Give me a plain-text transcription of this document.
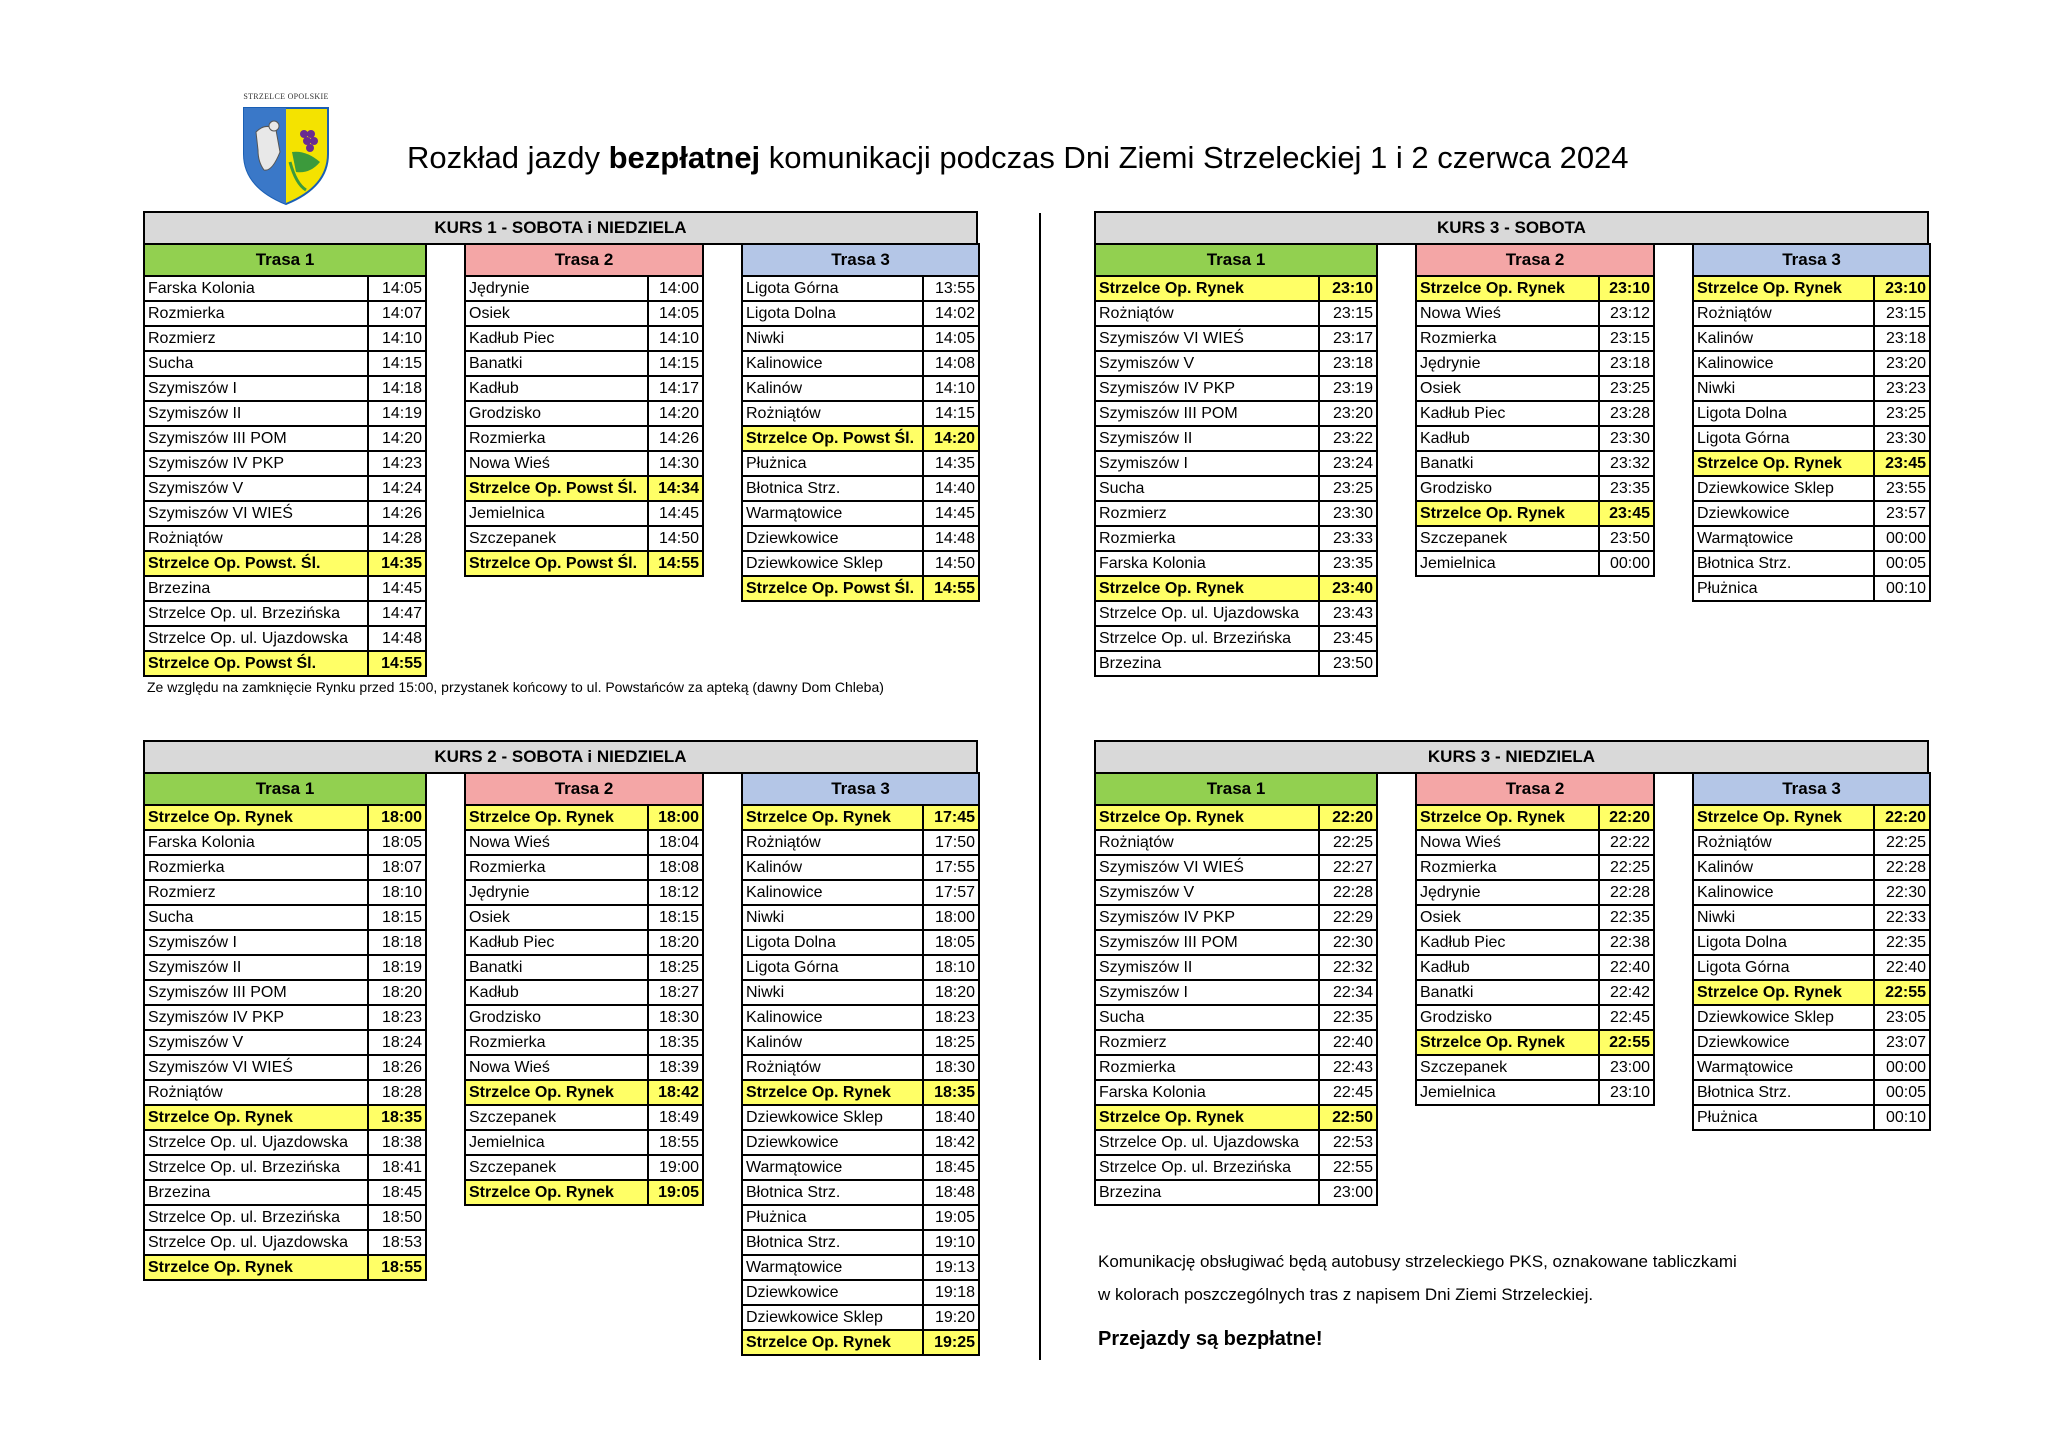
STRZELCE OPOLSKIE
Rozkład jazdy bezpłatnej komunikacji podczas Dni Ziemi Strzeleckiej 1 i 2 czerwca 2024
KURS 1 - SOBOTA i NIEDZIELA
Trasa 1	
Farska Kolonia	14:05
Rozmierka	14:07
Rozmierz	14:10
Sucha	14:15
Szymiszów I	14:18
Szymiszów II	14:19
Szymiszów III POM	14:20
Szymiszów IV PKP	14:23
Szymiszów V	14:24
Szymiszów VI WIEŚ	14:26
Rożniątów	14:28
Strzelce Op. Powst. Śl.	14:35
Brzezina	14:45
Strzelce Op. ul. Brzezińska	14:47
Strzelce Op. ul. Ujazdowska	14:48
Strzelce Op. Powst Śl.	14:55
Trasa 2	
Jędrynie	14:00
Osiek	14:05
Kadłub Piec	14:10
Banatki	14:15
Kadłub	14:17
Grodzisko	14:20
Rozmierka	14:26
Nowa Wieś	14:30
Strzelce Op. Powst Śl.	14:34
Jemielnica	14:45
Szczepanek	14:50
Strzelce Op. Powst Śl.	14:55
Trasa 3	
Ligota Górna	13:55
Ligota Dolna	14:02
Niwki	14:05
Kalinowice	14:08
Kalinów	14:10
Rożniątów	14:15
Strzelce Op. Powst Śl.	14:20
Płużnica	14:35
Błotnica Strz.	14:40
Warmątowice	14:45
Dziewkowice	14:48
Dziewkowice Sklep	14:50
Strzelce Op. Powst Śl.	14:55
Ze względu na zamknięcie Rynku przed 15:00, przystanek końcowy to ul. Powstańców za apteką (dawny Dom Chleba)
KURS 3 - SOBOTA
Trasa 1	
Strzelce Op. Rynek	23:10
Rożniątów	23:15
Szymiszów VI WIEŚ	23:17
Szymiszów V	23:18
Szymiszów IV PKP	23:19
Szymiszów III POM	23:20
Szymiszów II	23:22
Szymiszów I	23:24
Sucha	23:25
Rozmierz	23:30
Rozmierka	23:33
Farska Kolonia	23:35
Strzelce Op. Rynek	23:40
Strzelce Op. ul. Ujazdowska	23:43
Strzelce Op. ul. Brzezińska	23:45
Brzezina	23:50
Trasa 2	
Strzelce Op. Rynek	23:10
Nowa Wieś	23:12
Rozmierka	23:15
Jędrynie	23:18
Osiek	23:25
Kadłub Piec	23:28
Kadłub	23:30
Banatki	23:32
Grodzisko	23:35
Strzelce Op. Rynek	23:45
Szczepanek	23:50
Jemielnica	00:00
Trasa 3	
Strzelce Op. Rynek	23:10
Rożniątów	23:15
Kalinów	23:18
Kalinowice	23:20
Niwki	23:23
Ligota Dolna	23:25
Ligota Górna	23:30
Strzelce Op. Rynek	23:45
Dziewkowice Sklep	23:55
Dziewkowice	23:57
Warmątowice	00:00
Błotnica Strz.	00:05
Płużnica	00:10
KURS 2 - SOBOTA i NIEDZIELA
Trasa 1	
Strzelce Op. Rynek	18:00
Farska Kolonia	18:05
Rozmierka	18:07
Rozmierz	18:10
Sucha	18:15
Szymiszów I	18:18
Szymiszów II	18:19
Szymiszów III POM	18:20
Szymiszów IV PKP	18:23
Szymiszów V	18:24
Szymiszów VI WIEŚ	18:26
Rożniątów	18:28
Strzelce Op. Rynek	18:35
Strzelce Op. ul. Ujazdowska	18:38
Strzelce Op. ul. Brzezińska	18:41
Brzezina	18:45
Strzelce Op. ul. Brzezińska	18:50
Strzelce Op. ul. Ujazdowska	18:53
Strzelce Op. Rynek	18:55
Trasa 2	
Strzelce Op. Rynek	18:00
Nowa Wieś	18:04
Rozmierka	18:08
Jędrynie	18:12
Osiek	18:15
Kadłub Piec	18:20
Banatki	18:25
Kadłub	18:27
Grodzisko	18:30
Rozmierka	18:35
Nowa Wieś	18:39
Strzelce Op. Rynek	18:42
Szczepanek	18:49
Jemielnica	18:55
Szczepanek	19:00
Strzelce Op. Rynek	19:05
Trasa 3	
Strzelce Op. Rynek	17:45
Rożniątów	17:50
Kalinów	17:55
Kalinowice	17:57
Niwki	18:00
Ligota Dolna	18:05
Ligota Górna	18:10
Niwki	18:20
Kalinowice	18:23
Kalinów	18:25
Rożniątów	18:30
Strzelce Op. Rynek	18:35
Dziewkowice Sklep	18:40
Dziewkowice	18:42
Warmątowice	18:45
Błotnica Strz.	18:48
Płużnica	19:05
Błotnica Strz.	19:10
Warmątowice	19:13
Dziewkowice	19:18
Dziewkowice Sklep	19:20
Strzelce Op. Rynek	19:25
KURS 3 - NIEDZIELA
Trasa 1	
Strzelce Op. Rynek	22:20
Rożniątów	22:25
Szymiszów VI WIEŚ	22:27
Szymiszów V	22:28
Szymiszów IV PKP	22:29
Szymiszów III POM	22:30
Szymiszów II	22:32
Szymiszów I	22:34
Sucha	22:35
Rozmierz	22:40
Rozmierka	22:43
Farska Kolonia	22:45
Strzelce Op. Rynek	22:50
Strzelce Op. ul. Ujazdowska	22:53
Strzelce Op. ul. Brzezińska	22:55
Brzezina	23:00
Trasa 2	
Strzelce Op. Rynek	22:20
Nowa Wieś	22:22
Rozmierka	22:25
Jędrynie	22:28
Osiek	22:35
Kadłub Piec	22:38
Kadłub	22:40
Banatki	22:42
Grodzisko	22:45
Strzelce Op. Rynek	22:55
Szczepanek	23:00
Jemielnica	23:10
Trasa 3	
Strzelce Op. Rynek	22:20
Rożniątów	22:25
Kalinów	22:28
Kalinowice	22:30
Niwki	22:33
Ligota Dolna	22:35
Ligota Górna	22:40
Strzelce Op. Rynek	22:55
Dziewkowice Sklep	23:05
Dziewkowice	23:07
Warmątowice	00:00
Błotnica Strz.	00:05
Płużnica	00:10
Komunikację obsługiwać będą autobusy strzeleckiego PKS, oznakowane tabliczkami
w kolorach poszczególnych tras z napisem Dni Ziemi Strzeleckiej.
Przejazdy są bezpłatne!
